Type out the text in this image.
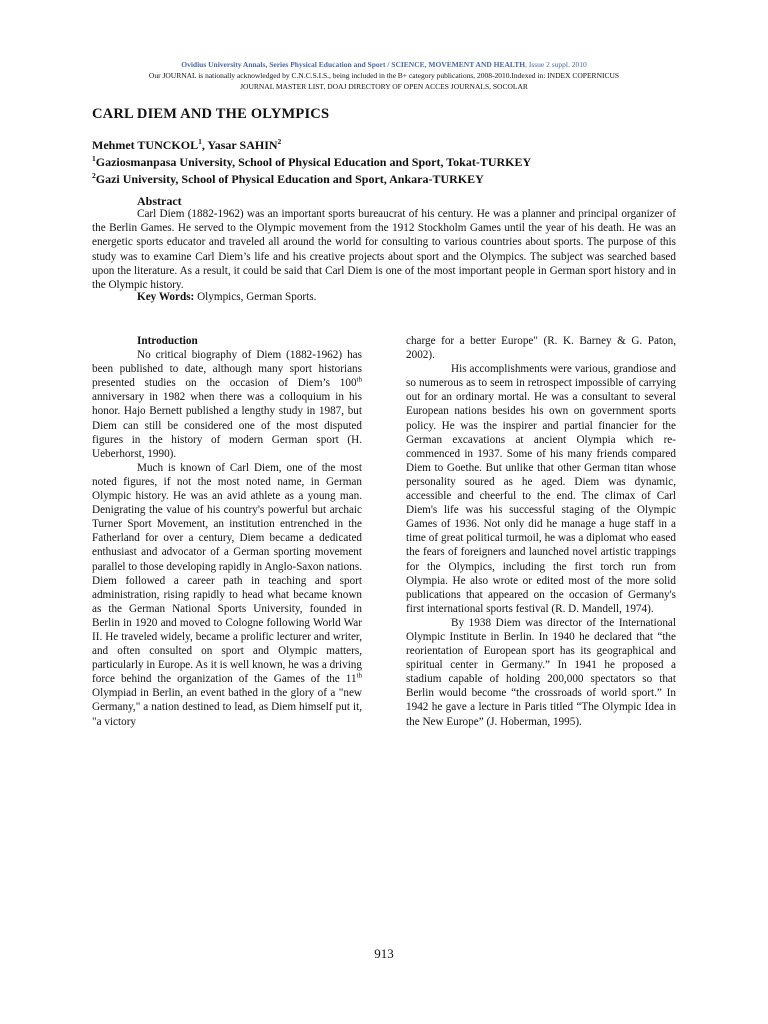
Ovidius University Annals, Series Physical Education and Sport / SCIENCE, MOVEMENT AND HEALTH, Issue 2 suppl. 2010
Our JOURNAL is nationally acknowledged by C.N.C.S.I.S., being included in the B+ category publications, 2008-2010.Indexed in: INDEX COPERNICUS
JOURNAL MASTER LIST, DOAJ DIRECTORY OF OPEN ACCES JOURNALS, SOCOLAR
CARL DIEM AND THE OLYMPICS
Mehmet TUNCKOL$^1$, Yasar SAHIN$^2$
$^1$Gaziosmanpasa University, School of Physical Education and Sport, Tokat-TURKEY
$^2$Gazi University, School of Physical Education and Sport, Ankara-TURKEY
Abstract

Carl Diem (1882-1962) was an important sports bureaucrat of his century. He was a planner and principal organizer of the Berlin Games. He served to the Olympic movement from the 1912 Stockholm Games until the year of his death. He was an energetic sports educator and traveled all around the world for consulting to various countries about sports. The purpose of this study was to examine Carl Diem’s life and his creative projects about sport and the Olympics. The subject was searched based upon the literature. As a result, it could be said that Carl Diem is one of the most important people in German sport history and in the Olympic history.

Key Words: Olympics, German Sports.
Introduction

No critical biography of Diem (1882-1962) has been published to date, although many sport historians presented studies on the occasion of Diem’s 100th anniversary in 1982 when there was a colloquium in his honor. Hajo Bernett published a lengthy study in 1987, but Diem can still be considered one of the most disputed figures in the history of modern German sport (H. Ueberhorst, 1990).

Much is known of Carl Diem, one of the most noted figures, if not the most noted name, in German Olympic history. He was an avid athlete as a young man. Denigrating the value of his country's powerful but archaic Turner Sport Movement, an institution entrenched in the Fatherland for over a century, Diem became a dedicated enthusiast and advocator of a German sporting movement parallel to those developing rapidly in Anglo-Saxon nations. Diem followed a career path in teaching and sport administration, rising rapidly to head what became known as the German National Sports University, founded in Berlin in 1920 and moved to Cologne following World War II. He traveled widely, became a prolific lecturer and writer, and often consulted on sport and Olympic matters, particularly in Europe. As it is well known, he was a driving force behind the organization of the Games of the 11th Olympiad in Berlin, an event bathed in the glory of a "new Germany," a nation destined to lead, as Diem himself put it, "a victory

charge for a better Europe" (R. K. Barney & G. Paton, 2002).

His accomplishments were various, grandiose and so numerous as to seem in retrospect impossible of carrying out for an ordinary mortal. He was a consultant to several European nations besides his own on government sports policy. He was the inspirer and partial financier for the German excavations at ancient Olympia which re-commenced in 1937. Some of his many friends compared Diem to Goethe. But unlike that other German titan whose personality soured as he aged. Diem was dynamic, accessible and cheerful to the end. The climax of Carl Diem's life was his successful staging of the Olympic Games of 1936. Not only did he manage a huge staff in a time of great political turmoil, he was a diplomat who eased the fears of foreigners and launched novel artistic trappings for the Olympics, including the first torch run from Olympia. He also wrote or edited most of the more solid publications that appeared on the occasion of Germany's first international sports festival (R. D. Mandell, 1974).

By 1938 Diem was director of the International Olympic Institute in Berlin. In 1940 he declared that “the reorientation of European sport has its geographical and spiritual center in Germany.” In 1941 he proposed a stadium capable of holding 200,000 spectators so that Berlin would become “the crossroads of world sport.” In 1942 he gave a lecture in Paris titled “The Olympic Idea in the New Europe” (J. Hoberman, 1995).

913
